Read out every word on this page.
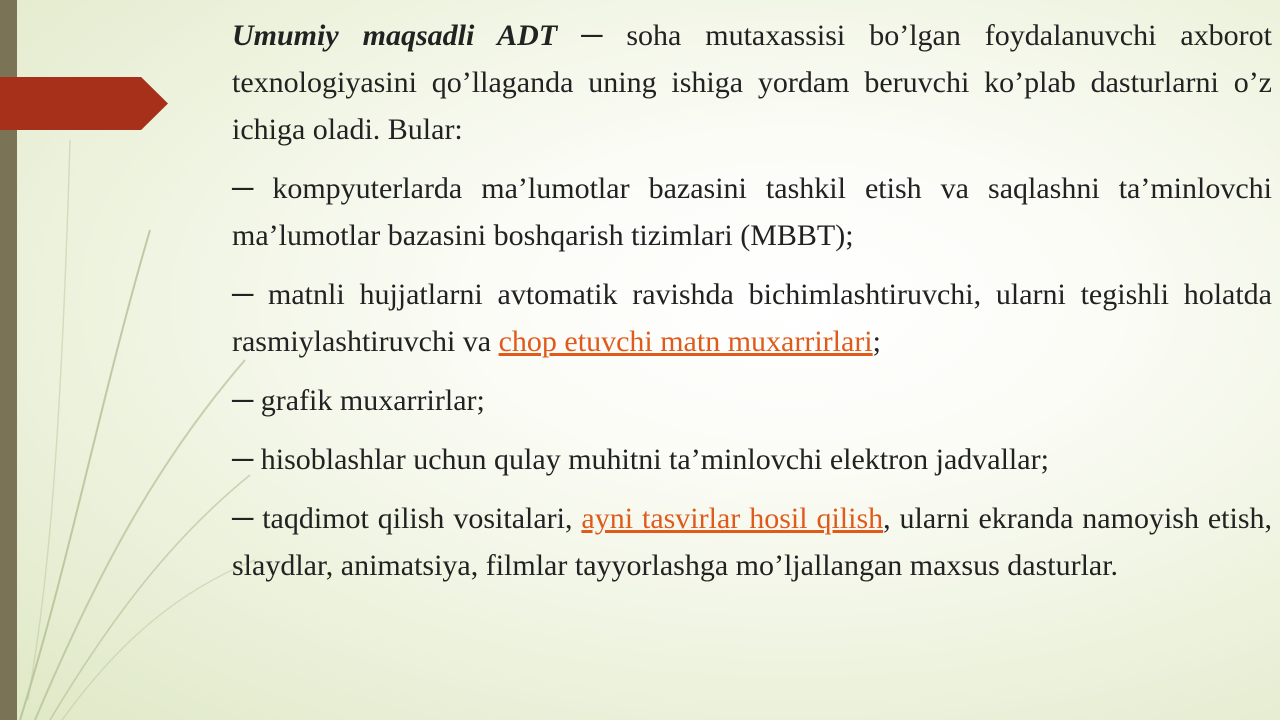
Umumiy maqsadli ADT ─ soha mutaxassisi bo’lgan foydalanuvchi axborot texnologiyasini qo’llaganda uning ishiga yordam beruvchi ko’plab dasturlarni o’z ichiga oladi. Bular:

─ kompyuterlarda ma’lumotlar bazasini tashkil etish va saqlashni ta’minlovchi ma’lumotlar bazasini boshqarish tizimlari (MBBT);

─ matnli hujjatlarni avtomatik ravishda bichimlashtiruvchi, ularni tegishli holatda rasmiylashtiruvchi va chop etuvchi matn muxarrirlari;

─ grafik muxarrirlar;

─ hisoblashlar uchun qulay muhitni ta’minlovchi elektron jadvallar;

─ taqdimot qilish vositalari, ayni tasvirlar hosil qilish, ularni ekranda namoyish etish, slaydlar, animatsiya, filmlar tayyorlashga mo’ljallangan maxsus dasturlar.
